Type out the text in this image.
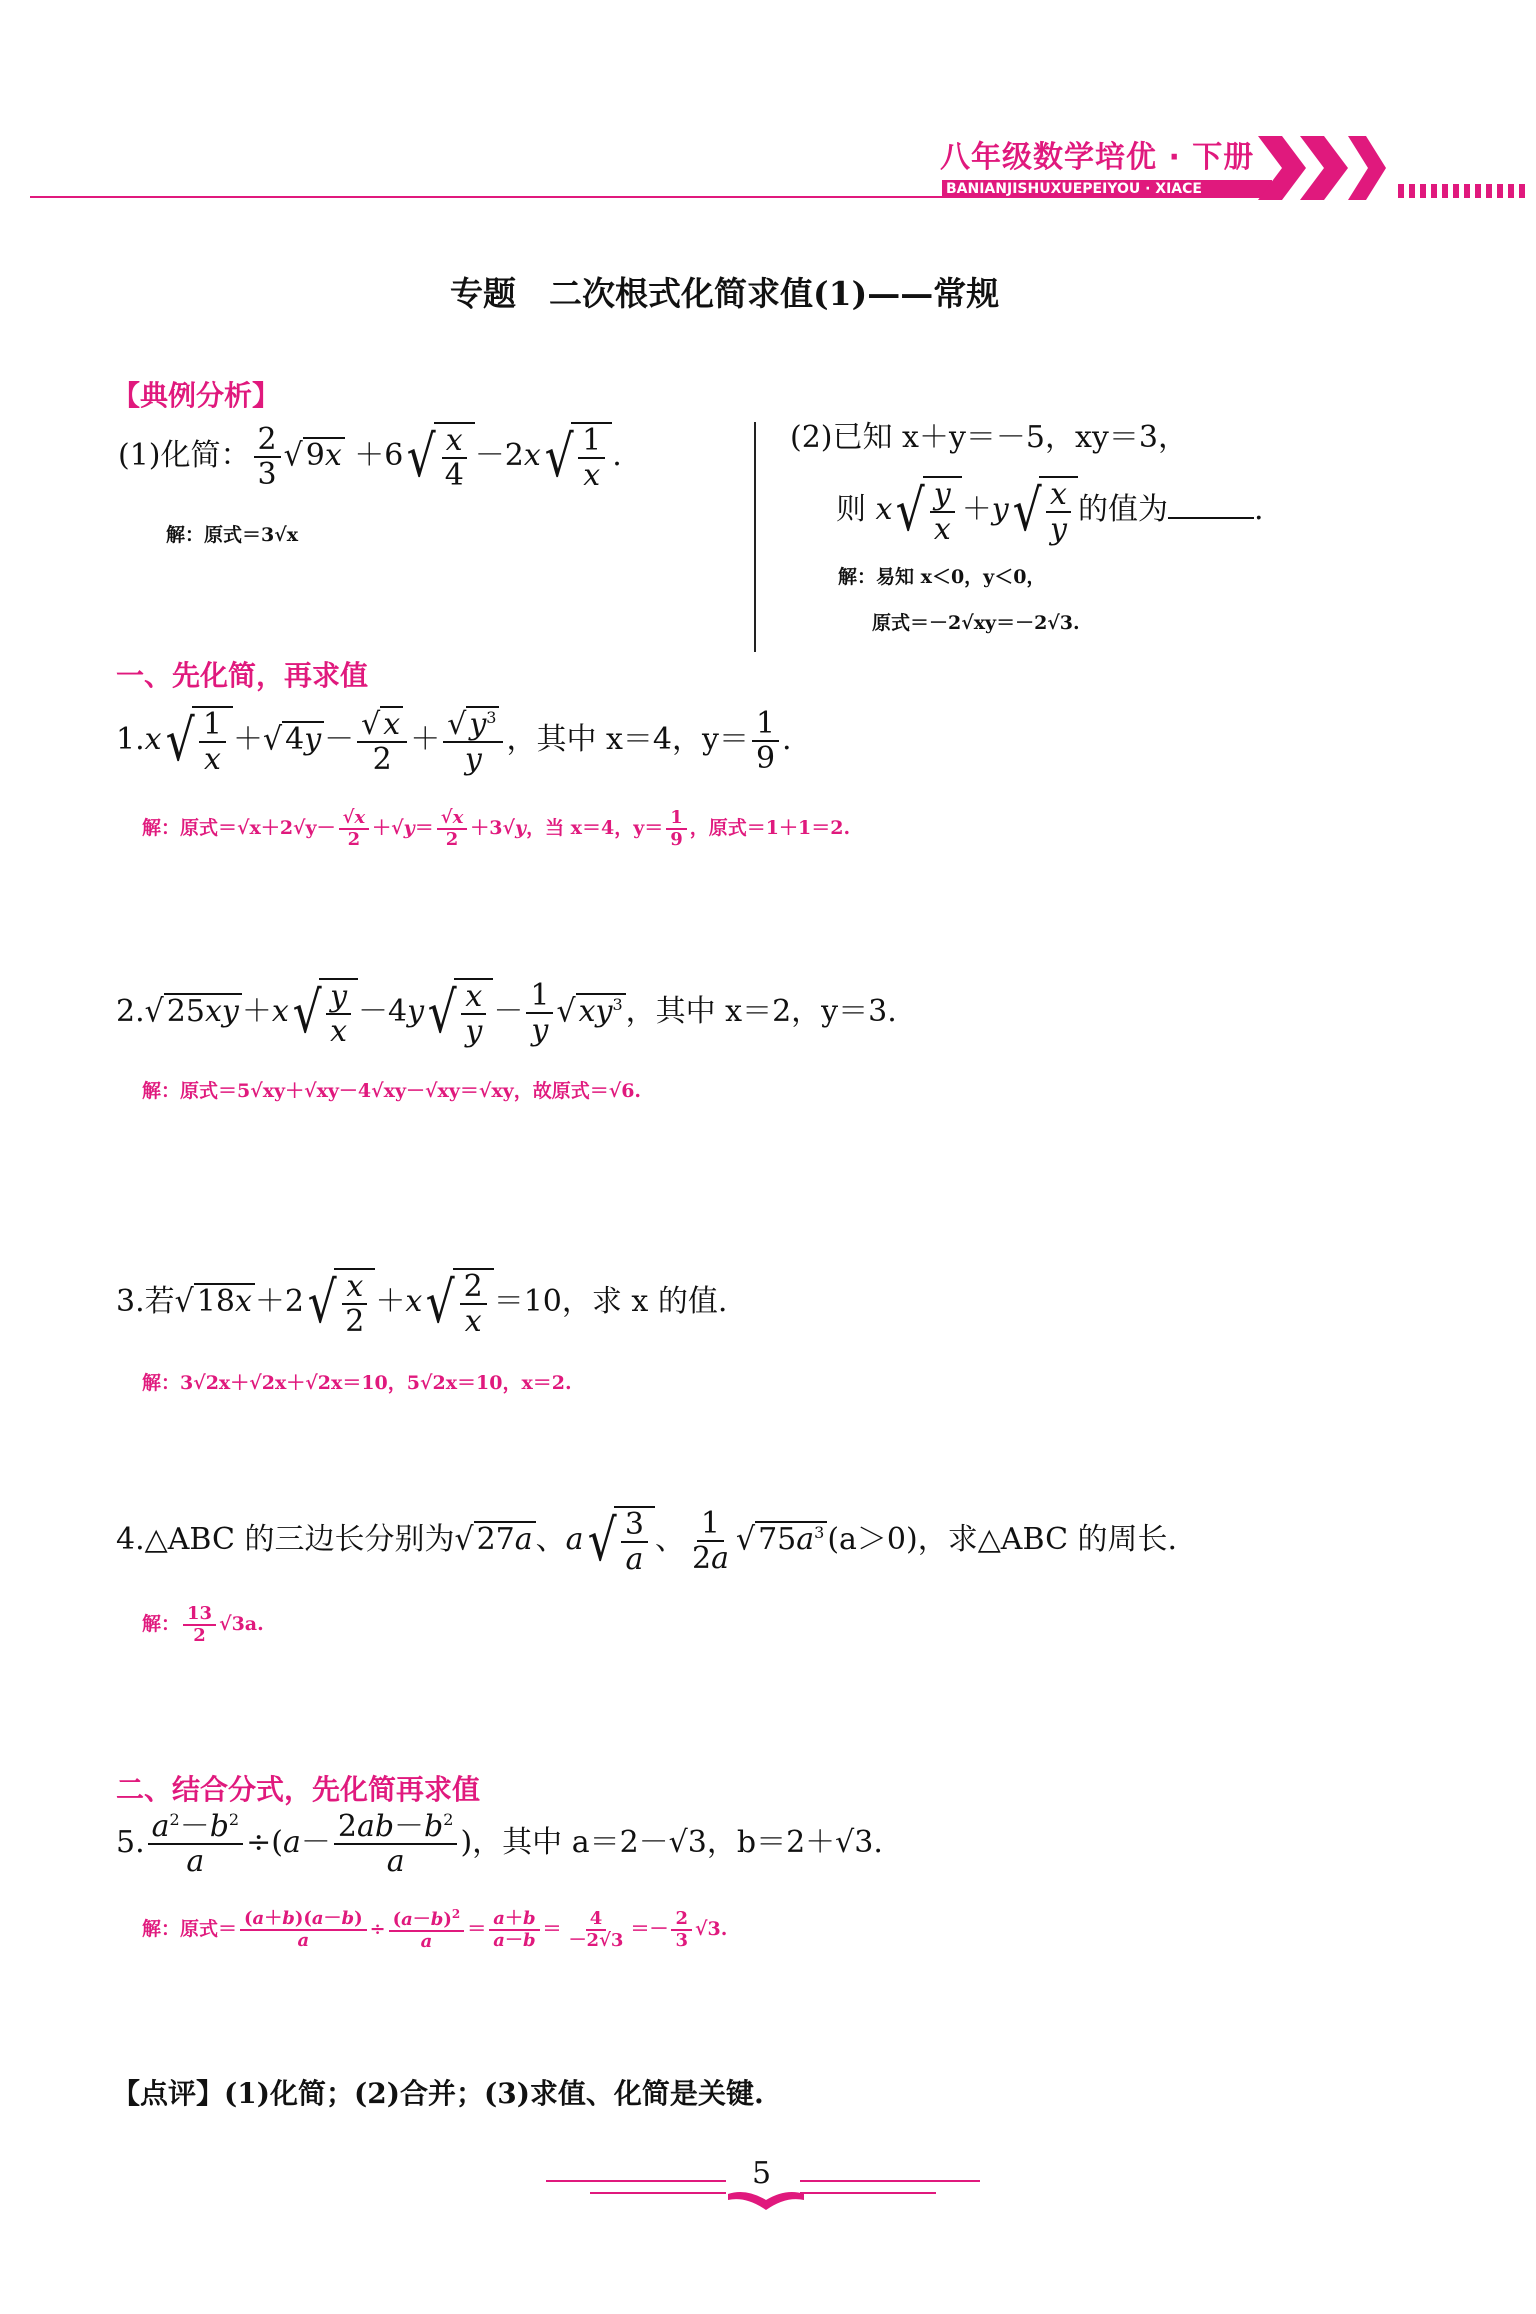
八年级数学培优 · 下册
BANIANJISHUXUEPEIYOU · XIACE
专题　二次根式化简求值(1)——常规
【典例分析】
(1)化简： $\frac{2}{3}$ √ $9x +6√ \frac{x}{4} -2x√ \frac{1}{x}$ .
解：原式＝3√x
(2)已知 x＋y＝－5，xy＝3，
则 $x√ \frac{y}{x} +y√ \frac{x}{y}$ 的值为	.
解：易知 x＜0，y＜0，
原式＝－2√xy＝－2√3.
一、先化简，再求值
$1.x√ \frac{1}{x}$ ＋√ $4y - \frac{√ x}{2} + \frac{√ y^3}{y}$ ，其中 x＝4，$y= \frac{1}{9}$ .
解：原式$=√x+2√y- \frac{√x}{2} +√y= \frac{√x}{2} +3√y$，当 x＝4，$y= \frac{1}{9}$ ，原式＝1＋1＝2.
2.√ $25xy +x√ \frac{y}{x} -4y√ \frac{x}{y} - \frac{1}{y}$ √ $xy^3$ ，其中 x＝2，y＝3.
解：原式＝5√xy＋√xy－4√xy－√xy＝√xy，故原式＝√6.
3.若√ $18x +2√ \frac{x}{2} +x√ \frac{2}{x} =10$，求 x 的值.
解：3√2x＋√2x＋√2x＝10，5√2x＝10，x＝2.
4.△ABC 的三边长分别为√ 27a 、$a√ \frac{3}{a}$ 、 $\frac{1}{2a}$ √ $75a^3$ (a＞0)，求△ABC 的周长.
解： $\frac{13}{2} √3a$.
二、结合分式，先化简再求值
5. $\frac{a^2-b^2}{a} \div(a- \frac{2ab-b^2}{a}$ )，其中 a＝2－√3，b＝2＋√3.
解：原式＝ $\frac{(a+b)(a-b)}{a} \div \frac{(a-b)^2}{a} = \frac{a+b}{a-b} = \frac{4}{-2√3} =- \frac{2}{3} √3$.
【点评】(1)化简；(2)合并；(3)求值、化简是关键.
5
